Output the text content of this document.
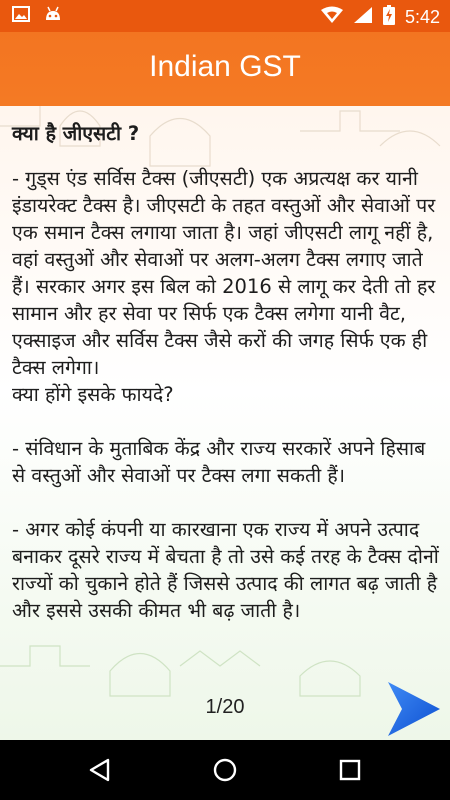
5:42
Indian GST
क्या है जीएसटी ?
- गुड्स एंड सर्विस टैक्स (जीएसटी) एक अप्रत्यक्ष कर यानी इंडायरेक्ट टैक्स है। जीएसटी के तहत वस्तुओं और सेवाओं पर एक समान टैक्स लगाया जाता है। जहां जीएसटी लागू नहीं है, वहां वस्तुओं और सेवाओं पर अलग-अलग टैक्स लगाए जाते हैं। सरकार अगर इस बिल को 2016 से लागू कर देती तो हर सामान और हर सेवा पर सिर्फ एक टैक्स लगेगा यानी वैट, एक्साइज और सर्विस टैक्स जैसे करों की जगह सिर्फ एक ही टैक्स लगेगा।
क्या होंगे इसके फायदे?
- संविधान के मुताबिक केंद्र और राज्य सरकारें अपने हिसाब से वस्तुओं और सेवाओं पर टैक्स लगा सकती हैं।
- अगर कोई कंपनी या कारखाना एक राज्य में अपने उत्पाद बनाकर दूसरे राज्य में बेचता है तो उसे कई तरह के टैक्स दोनों राज्यों को चुकाने होते हैं जिससे उत्पाद की लागत बढ़ जाती है और इससे उसकी कीमत भी बढ़ जाती है।
1/20
